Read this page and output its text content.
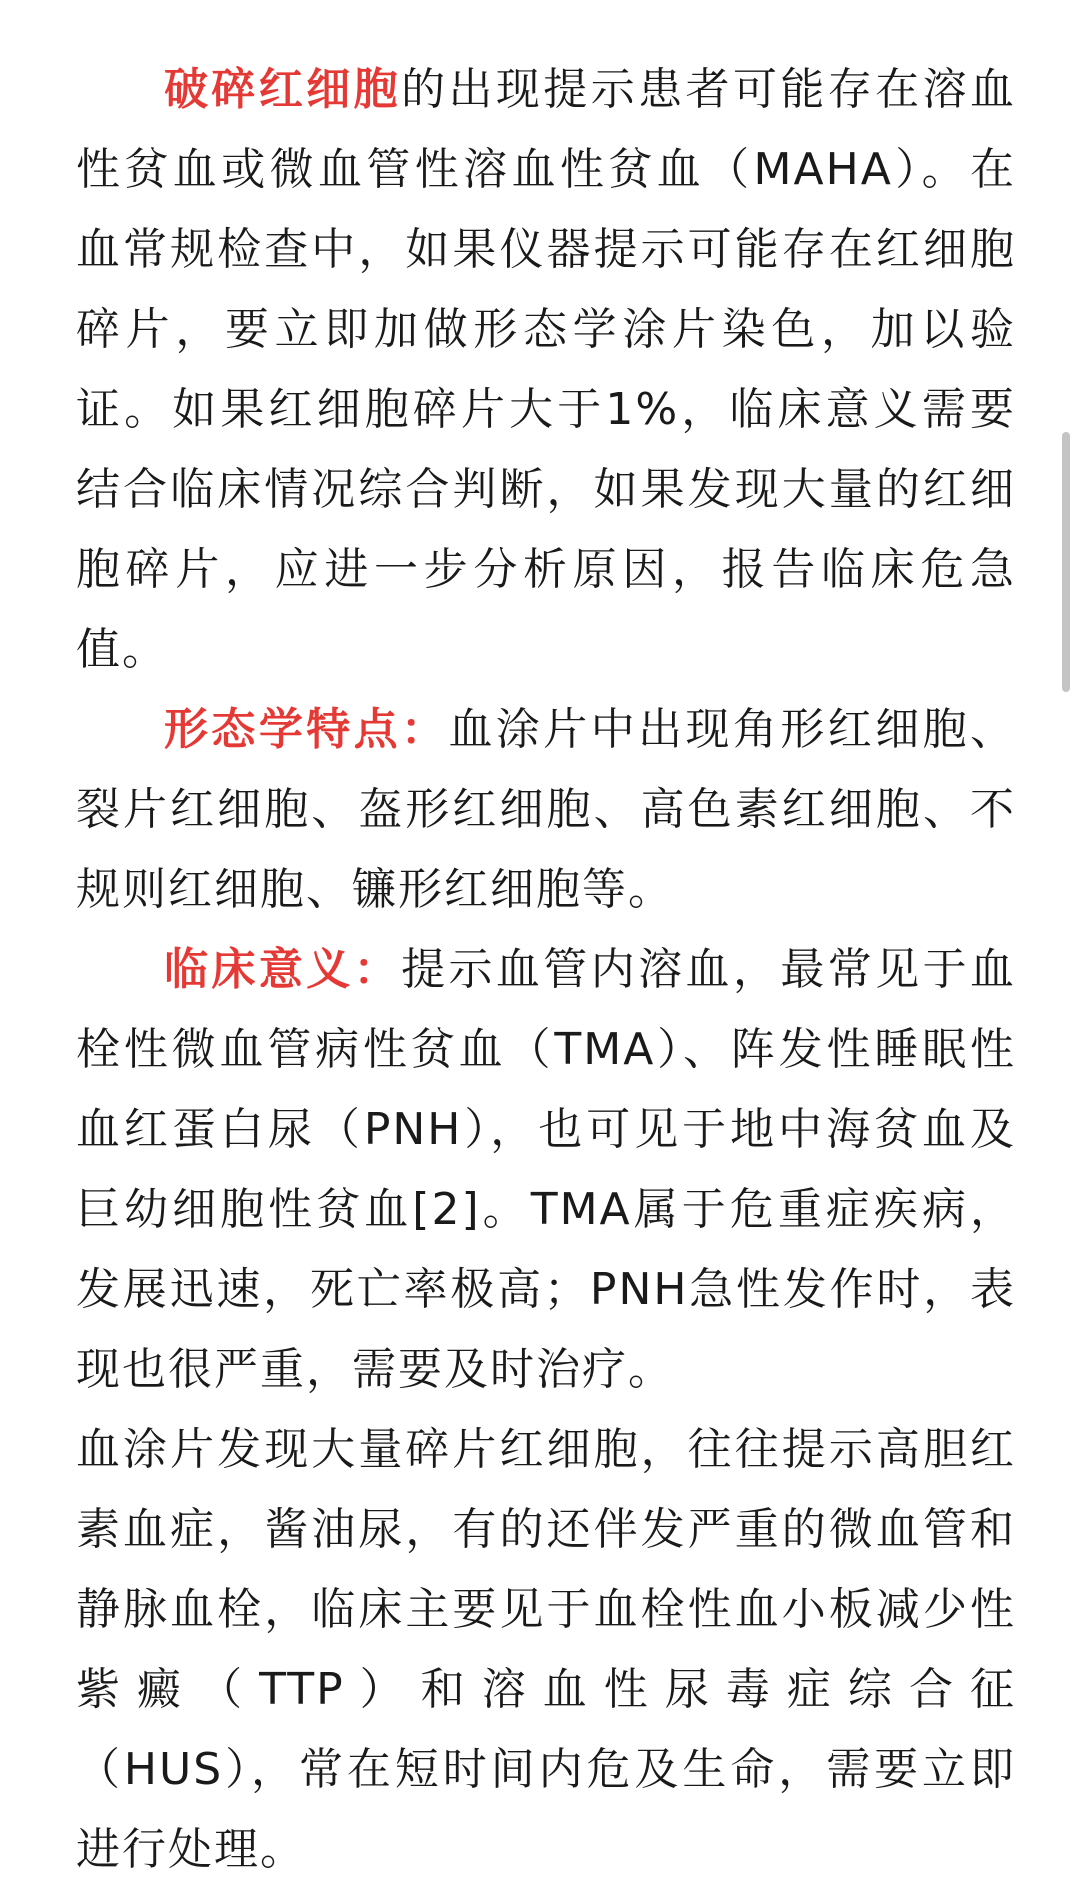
破碎红细胞的出现提示患者可能存在溶血性贫血或微血管性溶血性贫血（MAHA）。在血常规检查中，如果仪器提示可能存在红细胞碎片，要立即加做形态学涂片染色，加以验证。如果红细胞碎片大于1%，临床意义需要结合临床情况综合判断，如果发现大量的红细胞碎片，应进一步分析原因，报告临床危急值。

形态学特点：血涂片中出现角形红细胞、裂片红细胞、盔形红细胞、高色素红细胞、不规则红细胞、镰形红细胞等。

临床意义：提示血管内溶血，最常见于血栓性微血管病性贫血（TMA）、阵发性睡眠性血红蛋白尿（PNH），也可见于地中海贫血及巨幼细胞性贫血[2]。TMA属于危重症疾病，发展迅速，死亡率极高；PNH急性发作时，表现也很严重，需要及时治疗。

血涂片发现大量碎片红细胞，往往提示高胆红素血症，酱油尿，有的还伴发严重的微血管和静脉血栓，临床主要见于血栓性血小板减少性紫癜（TTP）和溶血性尿毒症综合征（HUS），常在短时间内危及生命，需要立即进行处理。
